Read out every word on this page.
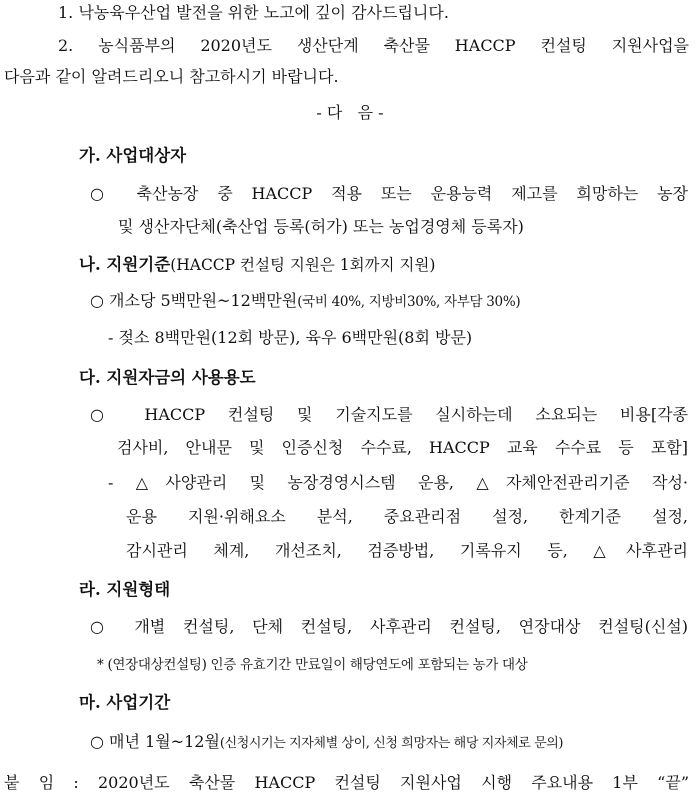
1. 낙농육우산업 발전을 위한 노고에 깊이 감사드립니다.
2. 농식품부의 2020년도 생산단계 축산물 HACCP 컨설팅 지원사업을
다음과 같이 알려드리오니 참고하시기 바랍니다.
- 다   음 -
가. 사업대상자
○ 축산농장 중 HACCP 적용 또는 운용능력 제고를 희망하는 농장
및 생산자단체(축산업 등록(허가) 또는 농업경영체 등록자)
나. 지원기준(HACCP 컨설팅 지원은 1회까지 지원)
○ 개소당 5백만원~12백만원(국비 40%, 지방비30%, 자부담 30%)
- 젖소 8백만원(12회 방문), 육우 6백만원(8회 방문)
다. 지원자금의 사용용도
○ HACCP 컨설팅 및 기술지도를 실시하는데 소요되는 비용[각종
검사비, 안내문 및 인증신청 수수료, HACCP 교육 수수료 등 포함]
- △사양관리 및 농장경영시스템 운용, △자체안전관리기준 작성·
운용 지원·위해요소 분석, 중요관리점 설정, 한계기준 설정,
감시관리 체계, 개선조치, 검증방법, 기록유지 등, △사후관리
라. 지원형태
○ 개별 컨설팅, 단체 컨설팅, 사후관리 컨설팅, 연장대상 컨설팅(신설)
* (연장대상컨설팅) 인증 유효기간 만료일이 해당연도에 포함되는 농가 대상
마. 사업기간
○ 매년 1월~12월(신청시기는 지자체별 상이, 신청 희망자는 해당 지자체로 문의)
붙 임 : 2020년도 축산물 HACCP 컨설팅 지원사업 시행 주요내용 1부 “끝”
